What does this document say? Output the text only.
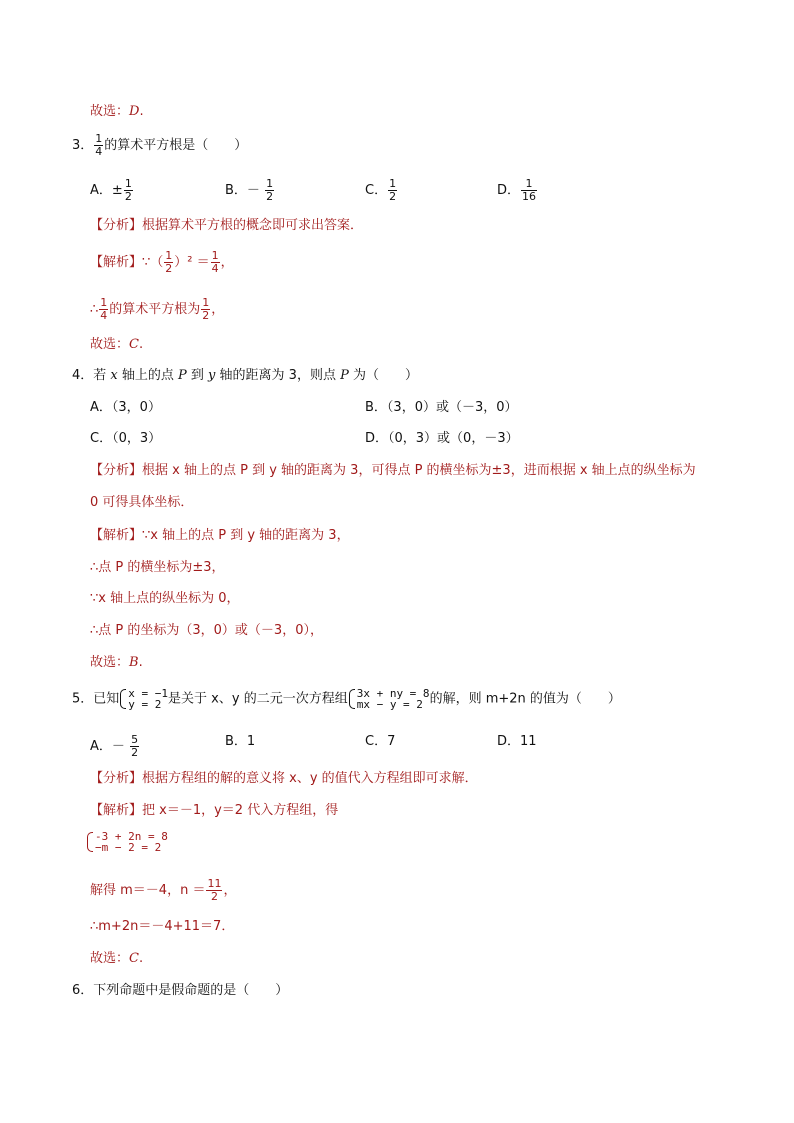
故选：D.
3． $\frac{1}{4}$ 的算术平方根是（　　）
A．± $\frac{1}{2}$	B．－ $\frac{1}{2}$	C． $\frac{1}{2}$	D． $\frac{1}{16}$
【分析】根据算术平方根的概念即可求出答案．
【解析】∵（ $\frac{1}{2} )^2 = \frac{1}{4}$ ，
∴ $\frac{1}{4}$ 的算术平方根为 $\frac{1}{2}$ ，
故选：C.
4．若 x 轴上的点 P 到 y 轴的距离为 3，则点 P 为（　　）
A．（3，0）	B．（3，0）或（－3，0）
C．（0，3）	D．（0，3）或（0，－3）
【分析】根据 x 轴上的点 P 到 y 轴的距离为 3，可得点 P 的横坐标为±3，进而根据 x 轴上点的纵坐标为
0 可得具体坐标．
【解析】∵x 轴上的点 P 到 y 轴的距离为 3，
∴点 P 的横坐标为±3，
∵x 轴上点的纵坐标为 0，
∴点 P 的坐标为（3，0）或（－3，0），
故选：B.
5．已知 x = −1
y = 2 是关于 x、y 的二元一次方程组 3x + ny = 8
mx − y = 2 的解，则 m+2n 的值为（　　）
A．－ $\frac{5}{2}$	B．1	C．7	D．11
【分析】根据方程组的解的意义将 x、y 的值代入方程组即可求解．
【解析】把 x＝－1，y＝2 代入方程组，得
-3 + 2n = 8
−m − 2 = 2
解得 m＝－4，$n = \frac{11}{2}$ ，
∴m+2n＝－4+11＝7．
故选：C.
6．下列命题中是假命题的是（　　）
